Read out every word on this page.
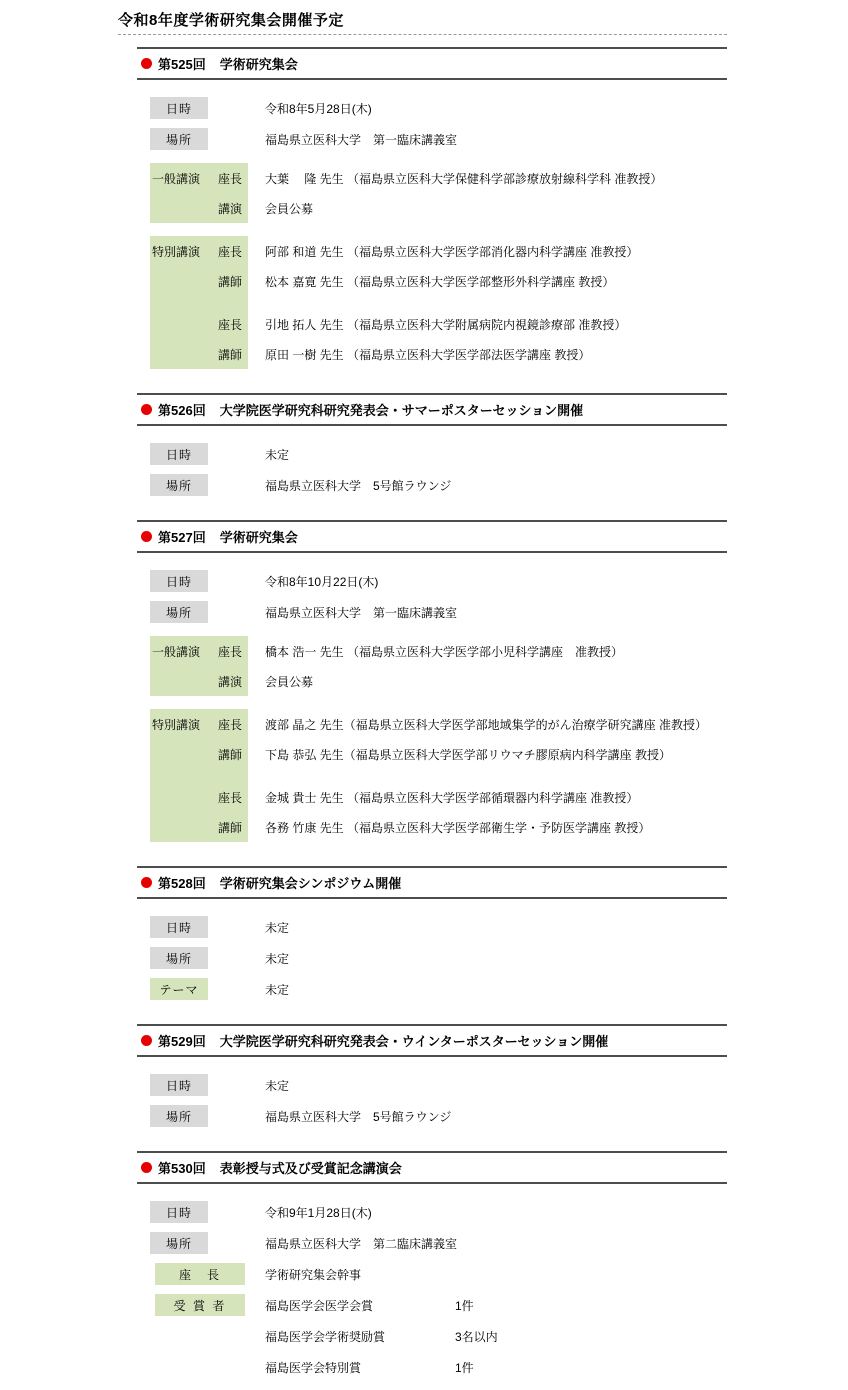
令和8年度学術研究集会開催予定
第525回 学術研究集会
日時	令和8年5月28日(木)
場所	福島県立医科大学　第一臨床講義室
一般講演	座長	大葉　 隆 先生 （福島県立医科大学保健科学部診療放射線科学科 准教授）
講演	会員公募
特別講演	座長	阿部 和道 先生 （福島県立医科大学医学部消化器内科学講座 准教授）
講師	松本 嘉寛 先生 （福島県立医科大学医学部整形外科学講座 教授）
座長	引地 拓人 先生 （福島県立医科大学附属病院内視鏡診療部 准教授）
講師	原田 一樹 先生 （福島県立医科大学医学部法医学講座 教授）
第526回 大学院医学研究科研究発表会・サマーポスターセッション開催
日時	未定
場所	福島県立医科大学　5号館ラウンジ
第527回 学術研究集会
日時	令和8年10月22日(木)
場所	福島県立医科大学　第一臨床講義室
一般講演	座長	橋本 浩一 先生 （福島県立医科大学医学部小児科学講座　准教授）
講演	会員公募
特別講演	座長	渡部 晶之 先生（福島県立医科大学医学部地域集学的がん治療学研究講座 准教授）
講師	下島 恭弘 先生（福島県立医科大学医学部リウマチ膠原病内科学講座 教授）
座長	金城 貴士 先生 （福島県立医科大学医学部循環器内科学講座 准教授）
講師	各務 竹康 先生 （福島県立医科大学医学部衛生学・予防医学講座 教授）
第528回 学術研究集会シンポジウム開催
日時	未定
場所	未定
テーマ	未定
第529回 大学院医学研究科研究発表会・ウインターポスターセッション開催
日時	未定
場所	福島県立医科大学　5号館ラウンジ
第530回 表彰授与式及び受賞記念講演会
日時	令和9年1月28日(木)
場所	福島県立医科大学　第二臨床講義室
座　長	学術研究集会幹事
受 賞 者	福島医学会医学会賞	1件
福島医学会学術奨励賞	3名以内
福島医学会特別賞	1件
